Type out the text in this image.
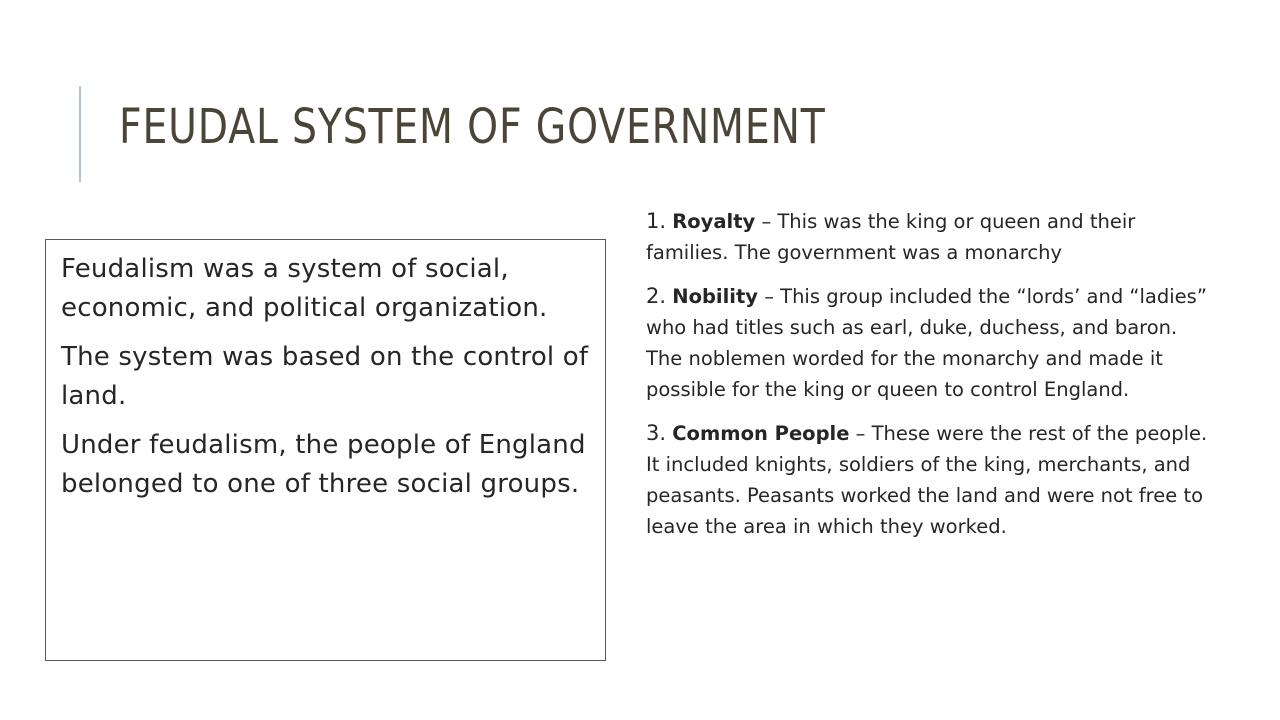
FEUDAL SYSTEM OF GOVERNMENT

Feudalism was a system of social, economic, and political organization.

The system was based on the control of land.

Under feudalism, the people of England belonged to one of three social groups.

1. Royalty – This was the king or queen and their families. The government was a monarchy

2. Nobility – This group included the “lords’ and “ladies” who had titles such as earl, duke, duchess, and baron. The noblemen worded for the monarchy and made it possible for the king or queen to control England.

3. Common People – These were the rest of the people. It included knights, soldiers of the king, merchants, and peasants. Peasants worked the land and were not free to leave the area in which they worked.
